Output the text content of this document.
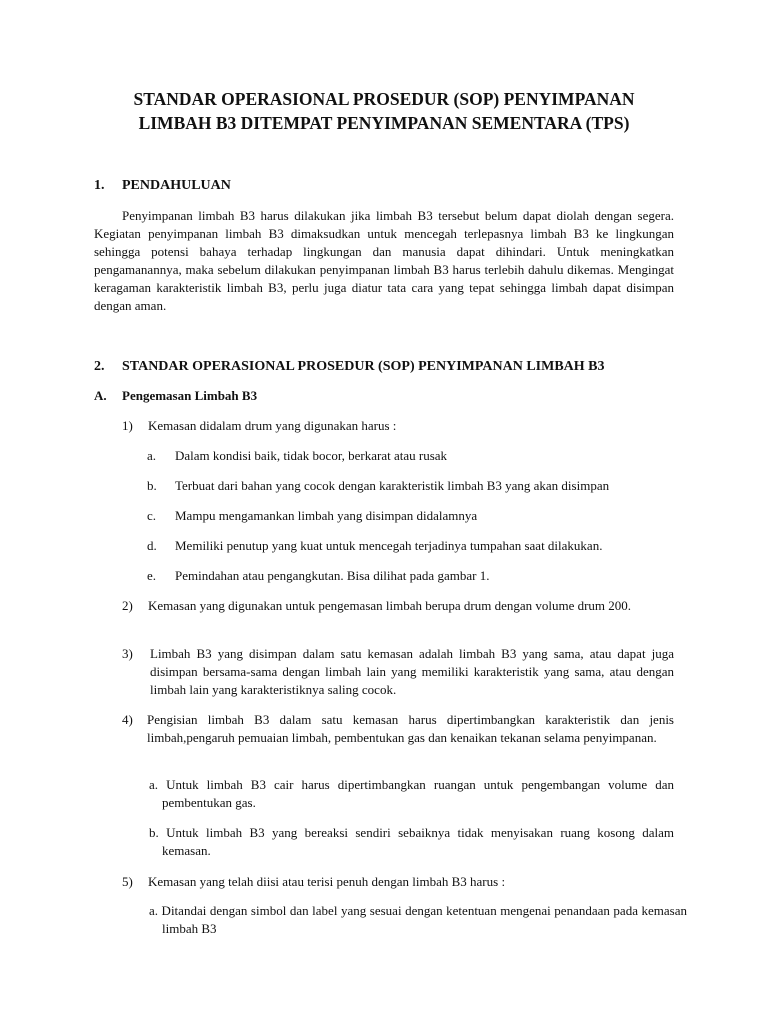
STANDAR OPERASIONAL PROSEDUR (SOP) PENYIMPANAN
LIMBAH B3 DITEMPAT PENYIMPANAN SEMENTARA (TPS)
1. PENDAHULUAN
Penyimpanan limbah B3 harus dilakukan jika limbah B3 tersebut belum dapat diolah dengan segera. Kegiatan penyimpanan limbah B3 dimaksudkan untuk mencegah terlepasnya limbah B3 ke lingkungan sehingga potensi bahaya terhadap lingkungan dan manusia dapat dihindari. Untuk meningkatkan pengamanannya, maka sebelum dilakukan penyimpanan limbah B3 harus terlebih dahulu dikemas. Mengingat keragaman karakteristik limbah B3, perlu juga diatur tata cara yang tepat sehingga limbah dapat disimpan dengan aman.
2. STANDAR OPERASIONAL PROSEDUR (SOP) PENYIMPANAN LIMBAH B3
A. Pengemasan Limbah B3
1)	Kemasan didalam drum yang digunakan harus :
a. Dalam kondisi baik, tidak bocor, berkarat atau rusak
b. Terbuat dari bahan yang cocok dengan karakteristik limbah B3 yang akan disimpan
c. Mampu mengamankan limbah yang disimpan didalamnya
d. Memiliki penutup yang kuat untuk mencegah terjadinya tumpahan saat dilakukan.
e. Pemindahan atau pengangkutan. Bisa dilihat pada gambar 1.
2)	Kemasan yang digunakan untuk pengemasan limbah berupa drum dengan volume drum 200.
3)	Limbah B3 yang disimpan dalam satu kemasan adalah limbah B3 yang sama, atau dapat juga disimpan bersama-sama dengan limbah lain yang memiliki karakteristik yang sama, atau dengan limbah lain yang karakteristiknya saling cocok.
4)	Pengisian limbah B3 dalam satu kemasan harus dipertimbangkan karakteristik dan jenis limbah,pengaruh pemuaian limbah, pembentukan gas dan kenaikan tekanan selama penyimpanan.
a. Untuk limbah B3 cair harus dipertimbangkan ruangan untuk pengembangan volume dan pembentukan gas.
b. Untuk limbah B3 yang bereaksi sendiri sebaiknya tidak menyisakan ruang kosong dalam kemasan.
5)	Kemasan yang telah diisi atau terisi penuh dengan limbah B3 harus :
a. Ditandai dengan simbol dan label yang sesuai dengan ketentuan mengenai penandaan pada kemasan limbah B3
